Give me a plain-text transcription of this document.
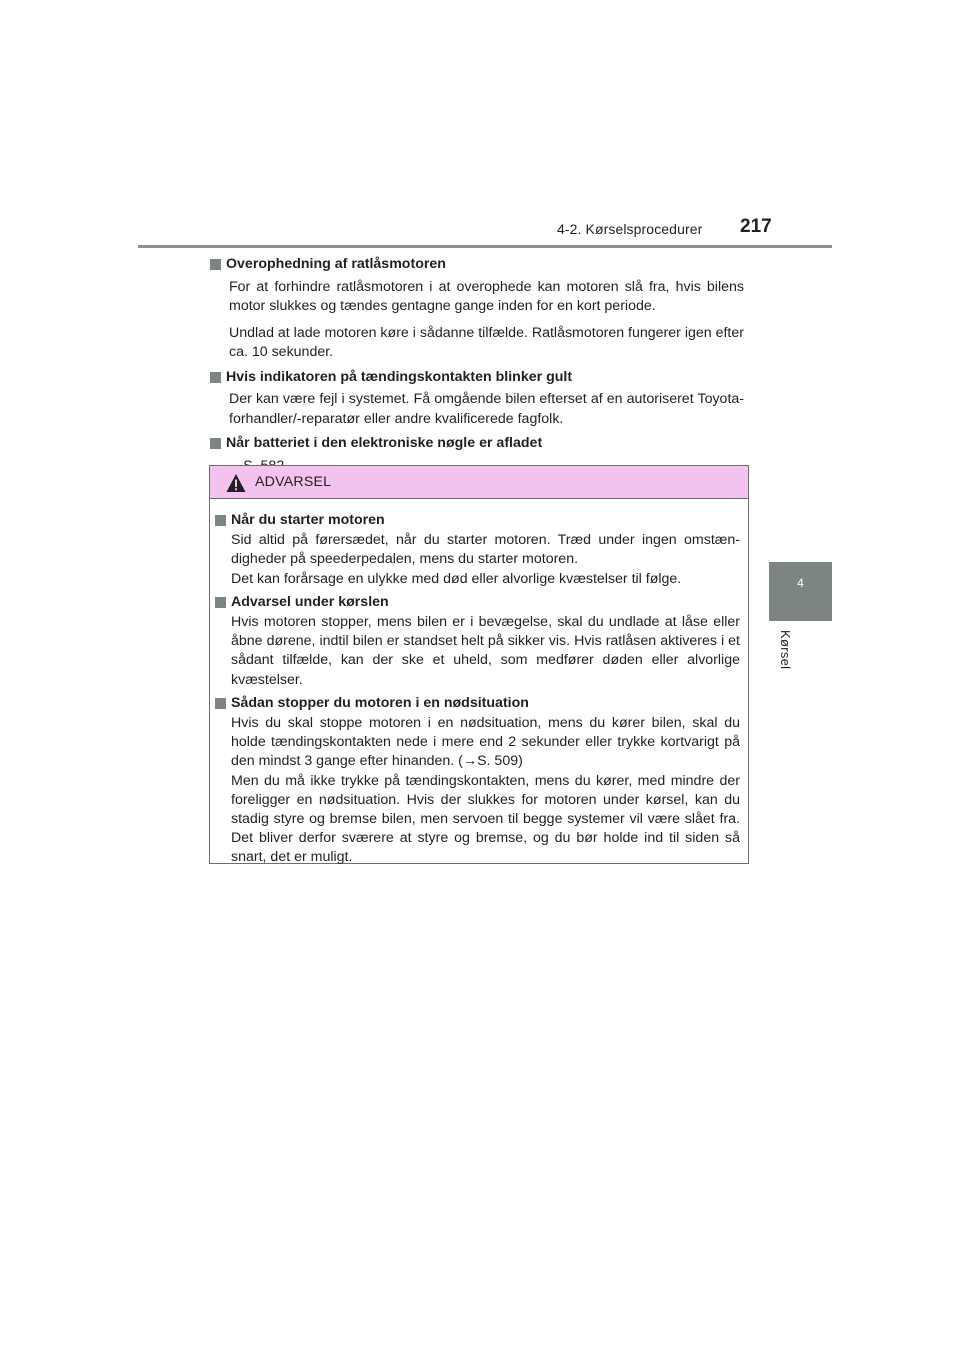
4-2. Kørselsprocedurer 217
4
Kørsel
Overophedning af ratlåsmotoren
For at forhindre ratlåsmotoren i at overophede kan motoren slå fra, hvis bilens motor slukkes og tændes gentagne gange inden for en kort periode.
Undlad at lade motoren køre i sådanne tilfælde. Ratlåsmotoren fungerer igen efter ca. 10 sekunder.
Hvis indikatoren på tændingskontakten blinker gult
Der kan være fejl i systemet. Få omgående bilen efterset af en autoriseret Toyota-forhandler/-reparatør eller andre kvalificerede fagfolk.
Når batteriet i den elektroniske nøgle er afladet
ADVARSEL
Når du starter motoren
Sid altid på førersædet, når du starter motoren. Træd under ingen omstæn-digheder på speederpedalen, mens du starter motoren.
Det kan forårsage en ulykke med død eller alvorlige kvæstelser til følge.
Advarsel under kørslen
Hvis motoren stopper, mens bilen er i bevægelse, skal du undlade at låse eller åbne dørene, indtil bilen er standset helt på sikker vis. Hvis ratlåsen aktiveres i et sådant tilfælde, kan der ske et uheld, som medfører døden eller alvorlige kvæstelser.
Sådan stopper du motoren i en nødsituation
Hvis du skal stoppe motoren i en nødsituation, mens du kører bilen, skal du holde tændingskontakten nede i mere end 2 sekunder eller trykke kortvarigt på den mindst 3 gange efter hinanden. (→S. 509)
Men du må ikke trykke på tændingskontakten, mens du kører, med mindre der foreligger en nødsituation. Hvis der slukkes for motoren under kørsel, kan du stadig styre og bremse bilen, men servoen til begge systemer vil være slået fra. Det bliver derfor sværere at styre og bremse, og du bør holde ind til siden så snart, det er muligt.
